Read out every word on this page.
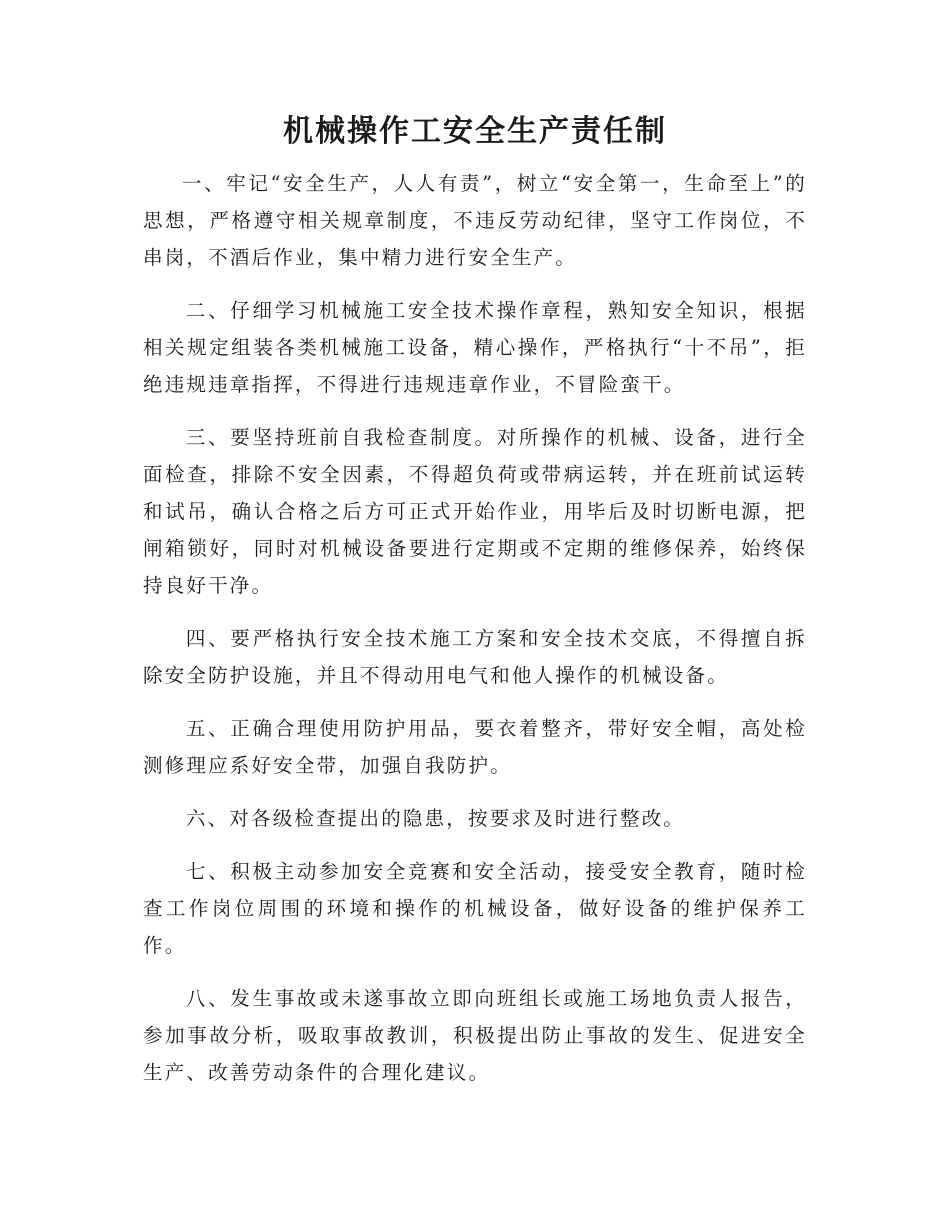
机械操作工安全生产责任制

一、牢记“安全生产，人人有责”，树立“安全第一，生命至上”的思想，严格遵守相关规章制度，不违反劳动纪律，坚守工作岗位，不串岗，不酒后作业，集中精力进行安全生产。

二、仔细学习机械施工安全技术操作章程，熟知安全知识，根据相关规定组装各类机械施工设备，精心操作，严格执行“十不吊”，拒绝违规违章指挥，不得进行违规违章作业，不冒险蛮干。

三、要坚持班前自我检查制度。对所操作的机械、设备，进行全面检查，排除不安全因素，不得超负荷或带病运转，并在班前试运转和试吊，确认合格之后方可正式开始作业，用毕后及时切断电源，把闸箱锁好，同时对机械设备要进行定期或不定期的维修保养，始终保持良好干净。

四、要严格执行安全技术施工方案和安全技术交底，不得擅自拆除安全防护设施，并且不得动用电气和他人操作的机械设备。

五、正确合理使用防护用品，要衣着整齐，带好安全帽，高处检测修理应系好安全带，加强自我防护。

六、对各级检查提出的隐患，按要求及时进行整改。

七、积极主动参加安全竞赛和安全活动，接受安全教育，随时检查工作岗位周围的环境和操作的机械设备，做好设备的维护保养工作。

八、发生事故或未遂事故立即向班组长或施工场地负责人报告，参加事故分析，吸取事故教训，积极提出防止事故的发生、促进安全生产、改善劳动条件的合理化建议。
